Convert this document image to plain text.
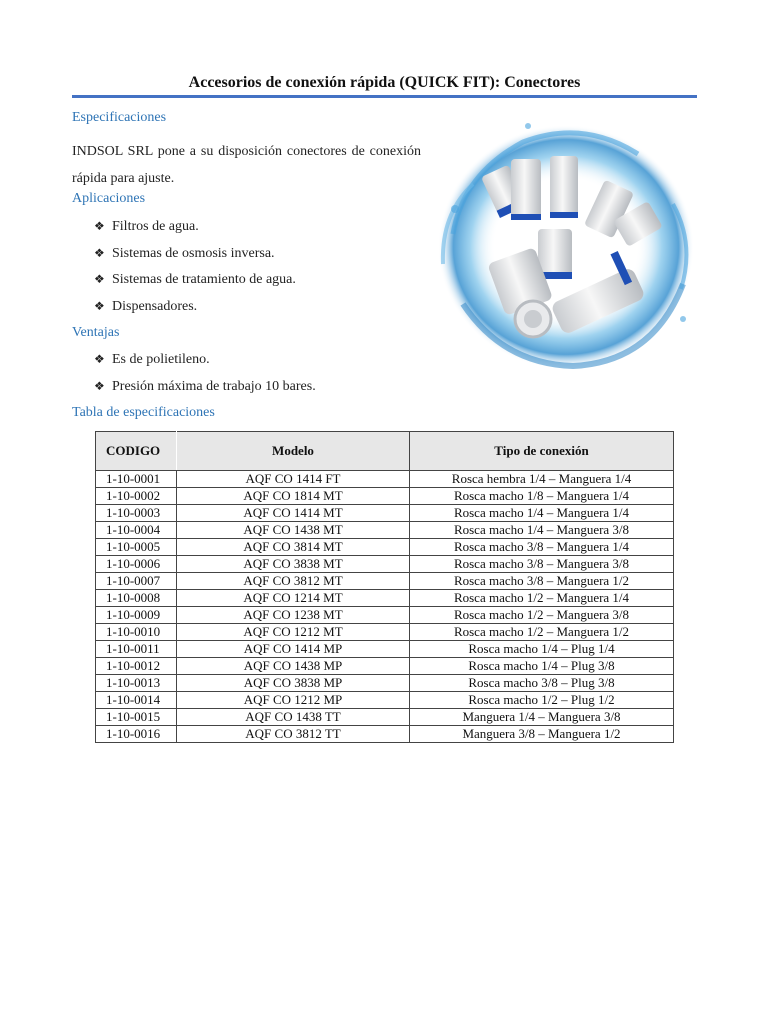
Accesorios de conexión rápida (QUICK FIT): Conectores
Especificaciones
INDSOL SRL pone a su disposición conectores de conexión rápida para ajuste.
Aplicaciones
❖ Filtros de agua.
❖ Sistemas de osmosis inversa.
❖ Sistemas de tratamiento de agua.
❖ Dispensadores.
Ventajas
❖ Es de polietileno.
❖ Presión máxima de trabajo 10 bares.
Tabla de especificaciones
CODIGO	Modelo	Tipo de conexión
1-10-0001	AQF CO 1414 FT	Rosca hembra 1/4 – Manguera 1/4
1-10-0002	AQF CO 1814 MT	Rosca macho 1/8 – Manguera 1/4
1-10-0003	AQF CO 1414 MT	Rosca macho 1/4 – Manguera 1/4
1-10-0004	AQF CO 1438 MT	Rosca macho 1/4 – Manguera 3/8
1-10-0005	AQF CO 3814 MT	Rosca macho 3/8 – Manguera 1/4
1-10-0006	AQF CO 3838 MT	Rosca macho 3/8 – Manguera 3/8
1-10-0007	AQF CO 3812 MT	Rosca macho 3/8 – Manguera 1/2
1-10-0008	AQF CO 1214 MT	Rosca macho 1/2 – Manguera 1/4
1-10-0009	AQF CO 1238 MT	Rosca macho 1/2 – Manguera 3/8
1-10-0010	AQF CO 1212 MT	Rosca macho 1/2 – Manguera 1/2
1-10-0011	AQF CO 1414 MP	Rosca macho 1/4 – Plug 1/4
1-10-0012	AQF CO 1438 MP	Rosca macho 1/4 – Plug 3/8
1-10-0013	AQF CO 3838 MP	Rosca macho 3/8 – Plug 3/8
1-10-0014	AQF CO 1212 MP	Rosca macho 1/2 – Plug 1/2
1-10-0015	AQF CO 1438 TT	Manguera 1/4 – Manguera 3/8
1-10-0016	AQF CO 3812 TT	Manguera 3/8 – Manguera 1/2
